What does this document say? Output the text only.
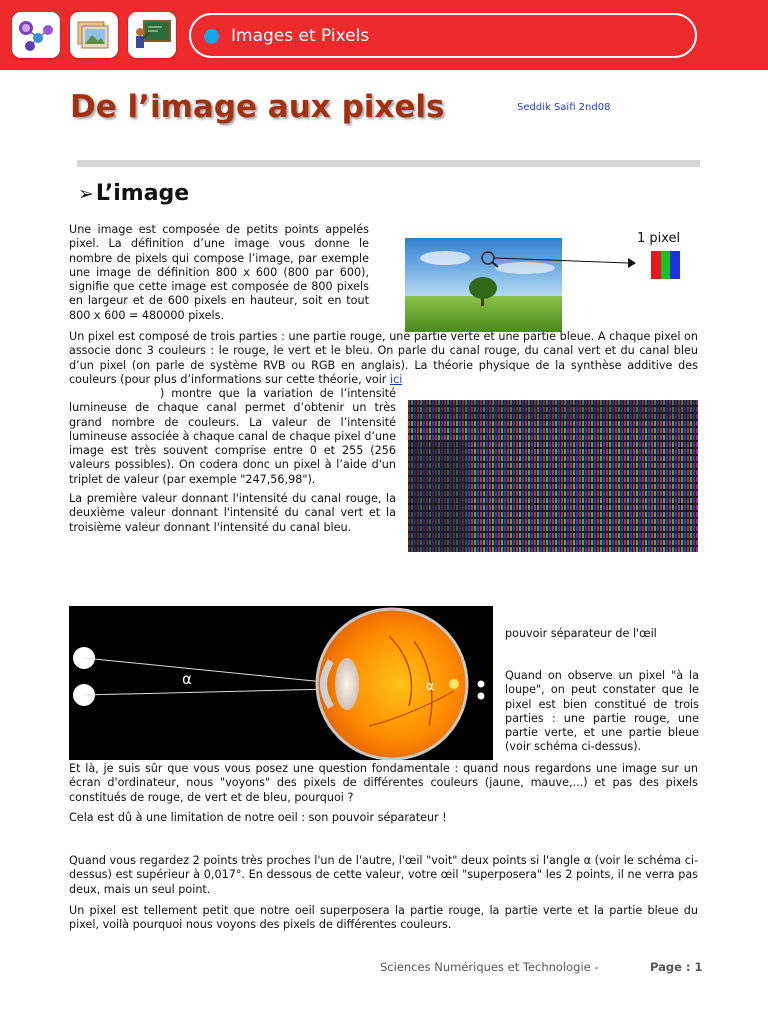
Images et Pixels
De l’image aux pixels	Seddik Saifi 2nd08
➢L’image
Une image est composée de petits points appelés pixel. La définition d’une image vous donne le nombre de pixels qui compose l’image, par exemple une image de définition 800 x 600 (800 par 600), signifie que cette image est composée de 800 pixels en largeur et de 600 pixels en hauteur, soit en tout 800 x 600 = 480000 pixels.
1 pixel
Un pixel est composé de trois parties : une partie rouge, une partie verte et une partie bleue. A chaque pixel on associe donc 3 couleurs : le rouge, le vert et le bleu. On parle du canal rouge, du canal vert et du canal bleu d’un pixel (on parle de système RVB ou RGB en anglais). La théorie physique de la synthèse additive des couleurs (pour plus d’informations sur cette théorie, voir ici
) montre que la variation de l’intensité lumineuse de chaque canal permet d’obtenir un très grand nombre de couleurs. La valeur de l’intensité lumineuse associée à chaque canal de chaque pixel d’une image est très souvent comprise entre 0 et 255 (256 valeurs possibles). On codera donc un pixel à l’aide d'un triplet de valeur (par exemple "247,56,98").
La première valeur donnant l'intensité du canal rouge, la deuxième valeur donnant l'intensité du canal vert et la troisième valeur donnant l'intensité du canal bleu.
α	α
pouvoir séparateur de l'œil
Quand on observe un pixel "à la loupe", on peut constater que le pixel est bien constitué de trois parties : une partie rouge, une partie verte, et une partie bleue (voir schéma ci-dessus).
Et là, je suis sûr que vous vous posez une question fondamentale : quand nous regardons une image sur un écran d'ordinateur, nous "voyons" des pixels de différentes couleurs (jaune, mauve,...) et pas des pixels constitués de rouge, de vert et de bleu, pourquoi ?
Cela est dû à une limitation de notre oeil : son pouvoir séparateur !
Quand vous regardez 2 points très proches l'un de l'autre, l'œil "voit" deux points si l'angle α (voir le schéma ci-dessus) est supérieur à 0,017°. En dessous de cette valeur, votre œil "superposera" les 2 points, il ne verra pas deux, mais un seul point.
Un pixel est tellement petit que notre oeil superposera la partie rouge, la partie verte et la partie bleue du pixel, voilà pourquoi nous voyons des pixels de différentes couleurs.
Sciences Numériques et Technologie -	Page : 1
